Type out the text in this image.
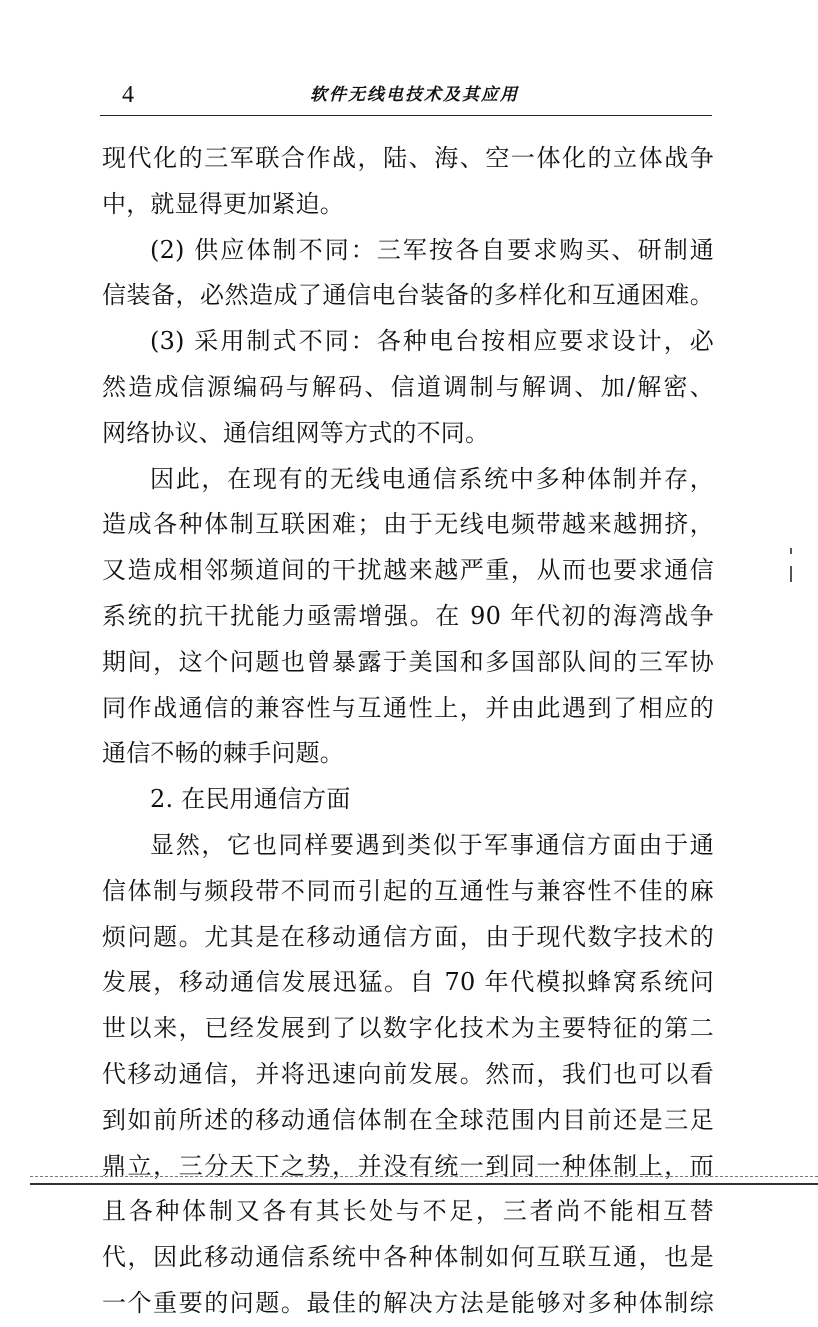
4	软件无线电技术及其应用
现代化的三军联合作战，陆、海、空一体化的立体战争
中，就显得更加紧迫。
(2) 供应体制不同：三军按各自要求购买、研制通
信装备，必然造成了通信电台装备的多样化和互通困难。
(3) 采用制式不同：各种电台按相应要求设计，必
然造成信源编码与解码、信道调制与解调、加/解密、
网络协议、通信组网等方式的不同。
因此，在现有的无线电通信系统中多种体制并存，
造成各种体制互联困难；由于无线电频带越来越拥挤，
又造成相邻频道间的干扰越来越严重，从而也要求通信
系统的抗干扰能力亟需增强。在 90 年代初的海湾战争
期间，这个问题也曾暴露于美国和多国部队间的三军协
同作战通信的兼容性与互通性上，并由此遇到了相应的
通信不畅的棘手问题。
2. 在民用通信方面
显然，它也同样要遇到类似于军事通信方面由于通
信体制与频段带不同而引起的互通性与兼容性不佳的麻
烦问题。尤其是在移动通信方面，由于现代数字技术的
发展，移动通信发展迅猛。自 70 年代模拟蜂窝系统问
世以来，已经发展到了以数字化技术为主要特征的第二
代移动通信，并将迅速向前发展。然而，我们也可以看
到如前所述的移动通信体制在全球范围内目前还是三足
鼎立，三分天下之势，并没有统一到同一种体制上，而
且各种体制又各有其长处与不足，三者尚不能相互替
代，因此移动通信系统中各种体制如何互联互通，也是
一个重要的问题。最佳的解决方法是能够对多种体制综
